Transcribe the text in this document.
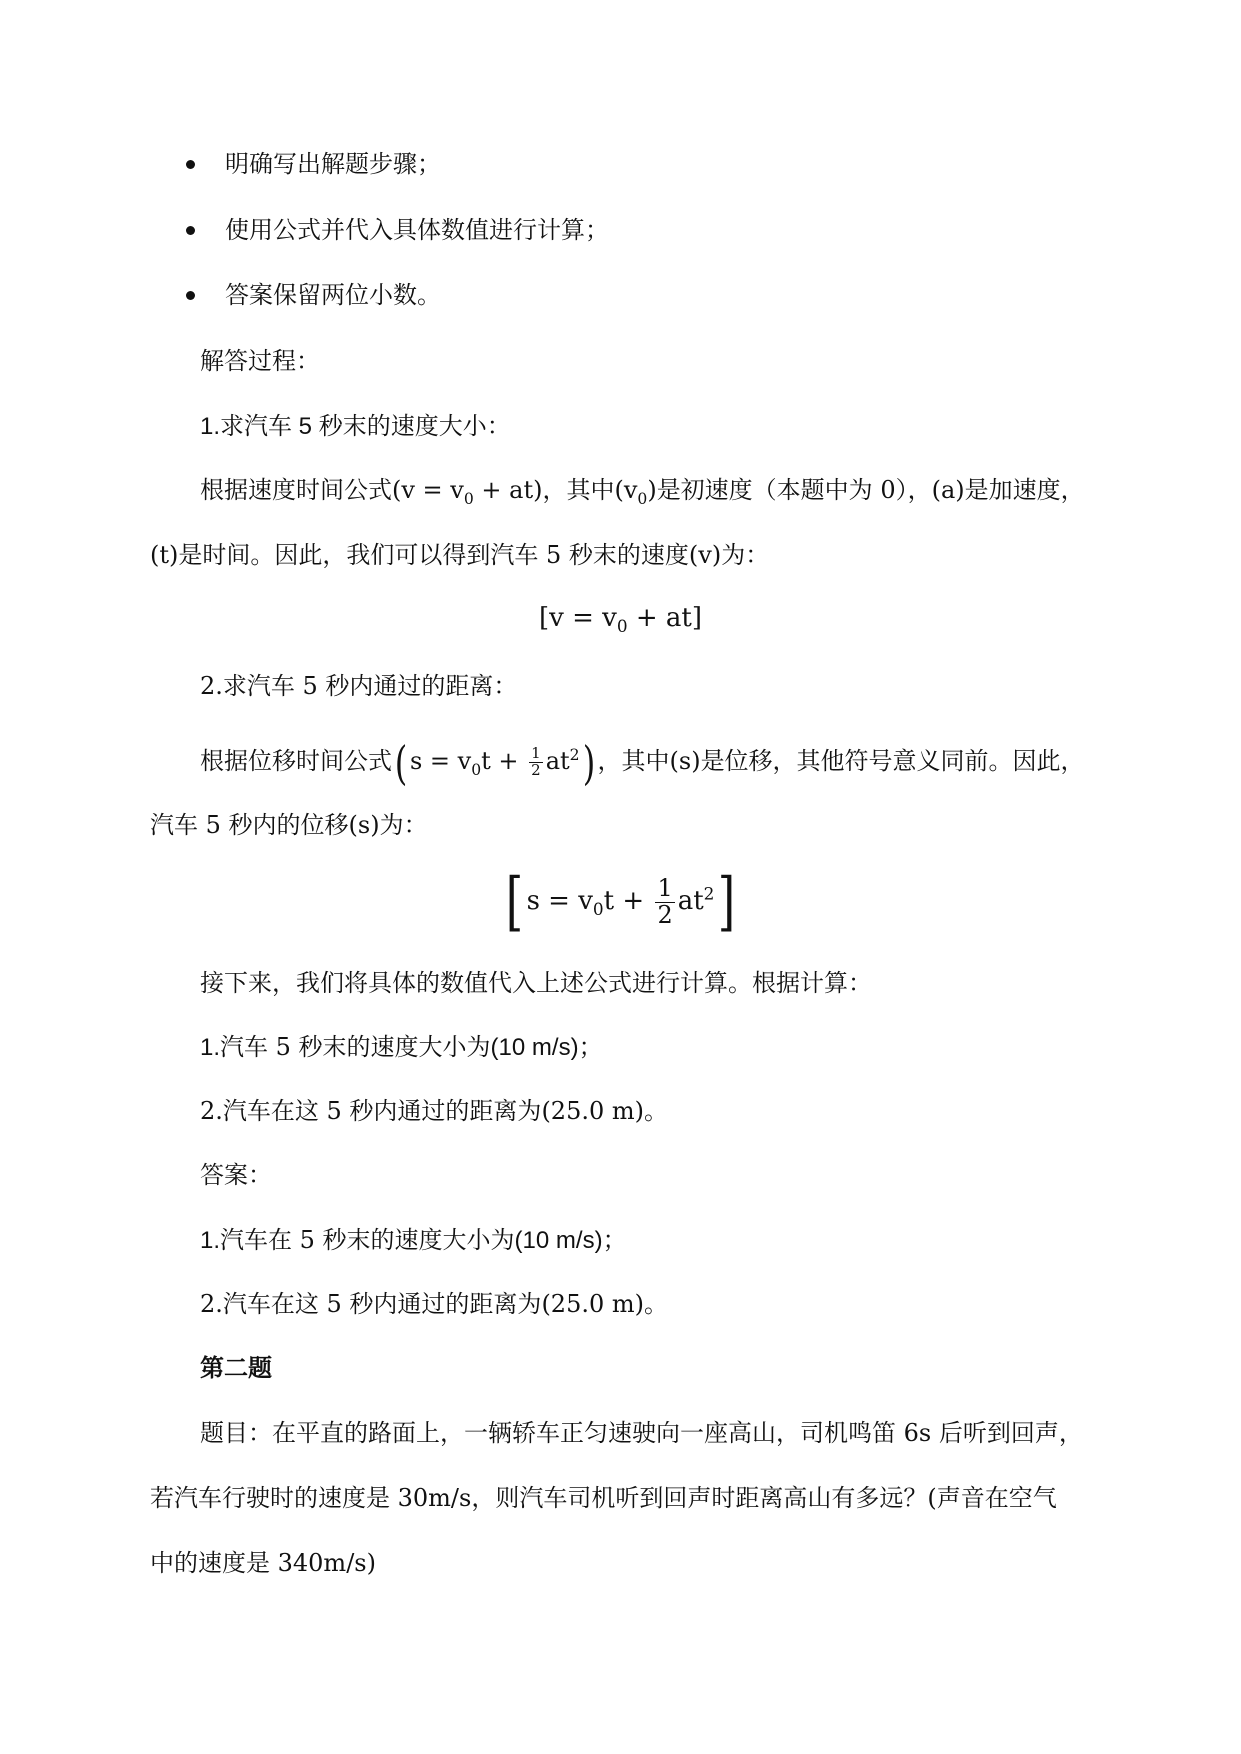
明确写出解题步骤；
使用公式并代入具体数值进行计算；
答案保留两位小数。
解答过程：
1.求汽车 5 秒末的速度大小：
根据速度时间公式$(v = v_0 + at)$，其中$(v_0)$是初速度（本题中为 0），(a)是加速度，
(t)是时间。因此，我们可以得到汽车 5 秒末的速度(v)为：
$[v = v_0 + at]$
2.求汽车 5 秒内通过的距离：
根据位移时间公式( $s = v_0t + \frac{1}{2} at^2$) ，其中(s)是位移，其他符号意义同前。因此，
汽车 5 秒内的位移(s)为：
[ $s = v_0t + \frac{1}{2} at^2$]
接下来，我们将具体的数值代入上述公式进行计算。根据计算：
1.汽车 5 秒末的速度大小为(10 m/s)；
2.汽车在这 5 秒内通过的距离为(25.0 m)。
答案：
1.汽车在 5 秒末的速度大小为(10 m/s)；
2.汽车在这 5 秒内通过的距离为(25.0 m)。
第二题
题目：在平直的路面上，一辆轿车正匀速驶向一座高山，司机鸣笛 6s 后听到回声，
若汽车行驶时的速度是 30m/s，则汽车司机听到回声时距离高山有多远？(声音在空气
中的速度是 340m/s)
